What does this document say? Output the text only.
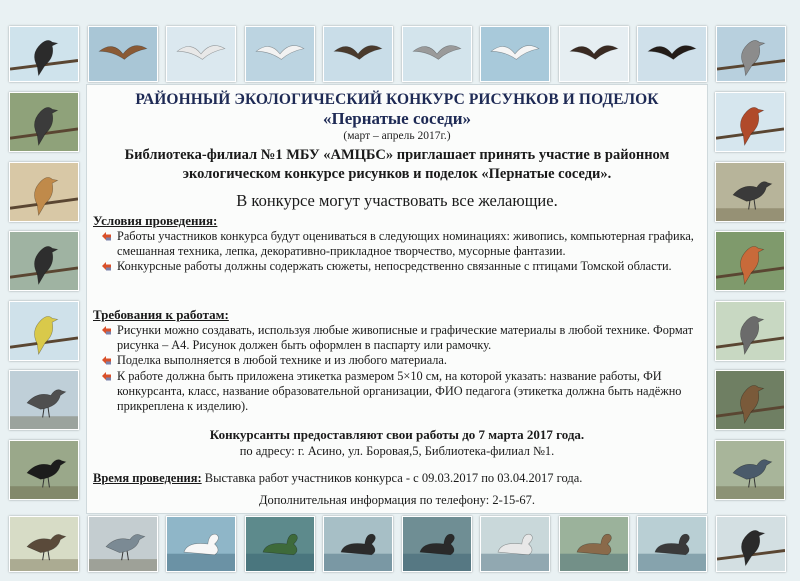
РАЙОННЫЙ ЭКОЛОГИЧЕСКИЙ КОНКУРС РИСУНКОВ И ПОДЕЛОК
«Пернатые соседи»
(март – апрель 2017г.)
Библиотека-филиал №1 МБУ «АМЦБС» приглашает принять участие в районном
экологическом конкурсе рисунков и поделок «Пернатые соседи».
В конкурсе могут участвовать все желающие.
Условия проведения:
Работы участников конкурса будут оцениваться в следующих номинациях: живопись, компьютерная графика, смешанная техника, лепка, декоративно-прикладное творчество, мусорные фантазии.
Конкурсные работы должны содержать сюжеты, непосредственно связанные с птицами Томской области.
Требования к работам:
Рисунки можно создавать, используя любые живописные и графические материалы в любой технике. Формат рисунка – А4. Рисунок должен быть оформлен в паспарту или рамочку.
Поделка выполняется в любой технике и из любого материала.
К работе должна быть приложена этикетка размером 5×10 см, на которой указать: название работы, ФИ конкурсанта, класс, название образовательной организации, ФИО педагога (этикетка должна быть надёжно прикреплена к изделию).
Конкурсанты предоставляют свои работы до 7 марта 2017 года.
по адресу: г. Асино, ул. Боровая,5, Библиотека-филиал №1.
Время проведения: Выставка работ участников конкурса - с 09.03.2017 по 03.04.2017 года.
Дополнительная информация по телефону: 2-15-67.
